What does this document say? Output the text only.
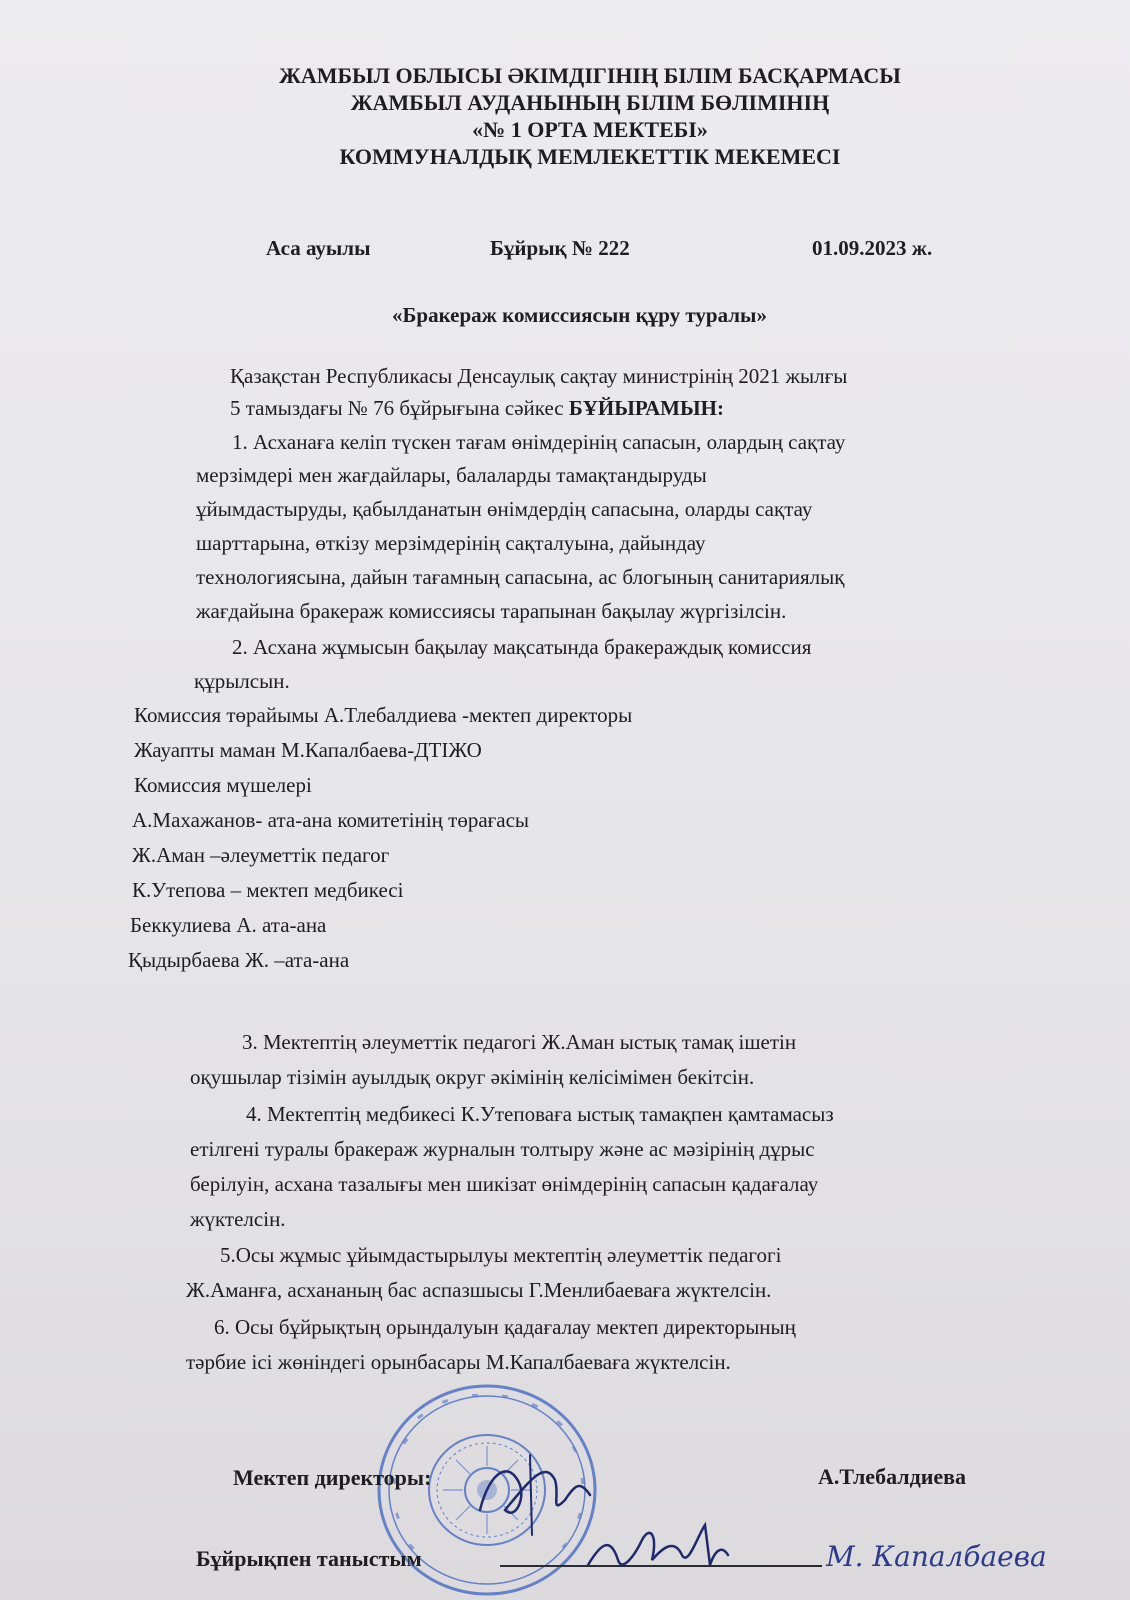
ЖАМБЫЛ ОБЛЫСЫ ӘКІМДІГІНІҢ БІЛІМ БАСҚАРМАСЫ
ЖАМБЫЛ АУДАНЫНЫҢ БІЛІМ БӨЛІМІНІҢ
«№ 1 ОРТА МЕКТЕБІ»
КОММУНАЛДЫҚ МЕМЛЕКЕТТІК МЕКЕМЕСІ
Аса ауылы	Бұйрық № 222	01.09.2023 ж.
«Бракераж комиссиясын құру туралы»
Қазақстан Республикасы Денсаулық сақтау министрінің 2021 жылғы
5 тамыздағы № 76 бұйрығына сәйкес БҰЙЫРАМЫН:
1. Асханаға келіп түскен тағам өнімдерінің сапасын, олардың сақтау
мерзімдері мен жағдайлары, балаларды тамақтандыруды
ұйымдастыруды, қабылданатын өнімдердің сапасына, оларды сақтау
шарттарына, өткізу мерзімдерінің сақталуына, дайындау
технологиясына, дайын тағамның сапасына, ас блогының санитариялық
жағдайына бракераж комиссиясы тарапынан бақылау жүргізілсін.
2. Асхана жұмысын бақылау мақсатында бракераждық комиссия
құрылсын.
Комиссия төрайымы А.Тлебалдиева -мектеп директоры
Жауапты маман М.Капалбаева-ДТІЖО
Комиссия мүшелері
А.Махажанов- ата-ана комитетінің төрағасы
Ж.Аман –әлеуметтік педагог
К.Утепова – мектеп медбикесі
Беккулиева А. ата-ана
Қыдырбаева Ж. –ата-ана
3. Мектептің әлеуметтік педагогі Ж.Аман ыстық тамақ ішетін
оқушылар тізімін ауылдық округ әкімінің келісімімен бекітсін.
4. Мектептің медбикесі К.Утеповаға ыстық тамақпен қамтамасыз
етілгені туралы бракераж журналын толтыру және ас мәзірінің дұрыс
берілуін, асхана тазалығы мен шикізат өнімдерінің сапасын қадағалау
жүктелсін.
5.Осы жұмыс ұйымдастырылуы мектептің әлеуметтік педагогі
Ж.Аманға, асхананың бас аспазшысы Г.Менлибаеваға жүктелсін.
6. Осы бұйрықтың орындалуын қадағалау мектеп директорының
тәрбие ісі жөніндегі орынбасары М.Капалбаеваға жүктелсін.
Мектеп директоры:	А.Тлебалдиева
Бұйрықпен таныстым	М. Капалбаева
